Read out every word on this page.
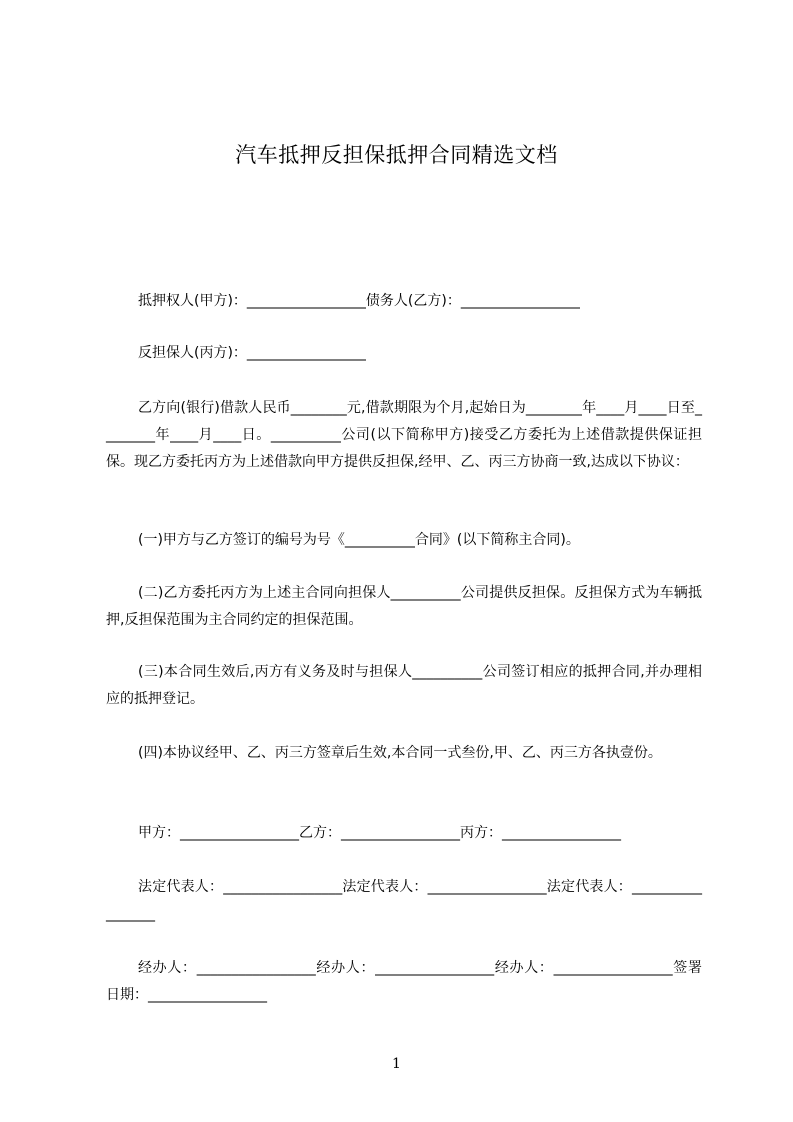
汽车抵押反担保抵押合同精选文档
抵押权人(甲方)：_________________债务人(乙方)：_________________
反担保人(丙方)：_________________
乙方向(银行)借款人民币________元,借款期限为个月,起始日为________年____月____日至________年____月____日。__________公司(以下简称甲方)接受乙方委托为上述借款提供保证担保。现乙方委托丙方为上述借款向甲方提供反担保,经甲、乙、丙三方协商一致,达成以下协议：
(一)甲方与乙方签订的编号为号《__________合同》(以下简称主合同)。
(二)乙方委托丙方为上述主合同向担保人__________公司提供反担保。反担保方式为车辆抵押,反担保范围为主合同约定的担保范围。
(三)本合同生效后,丙方有义务及时与担保人__________公司签订相应的抵押合同,并办理相应的抵押登记。
(四)本协议经甲、乙、丙三方签章后生效,本合同一式叁份,甲、乙、丙三方各执壹份。
甲方：_________________乙方：_________________丙方：_________________
法定代表人：_________________法定代表人：_________________法定代表人：_________________
经办人：_________________经办人：_________________经办人：_________________签署日期：_________________
1
